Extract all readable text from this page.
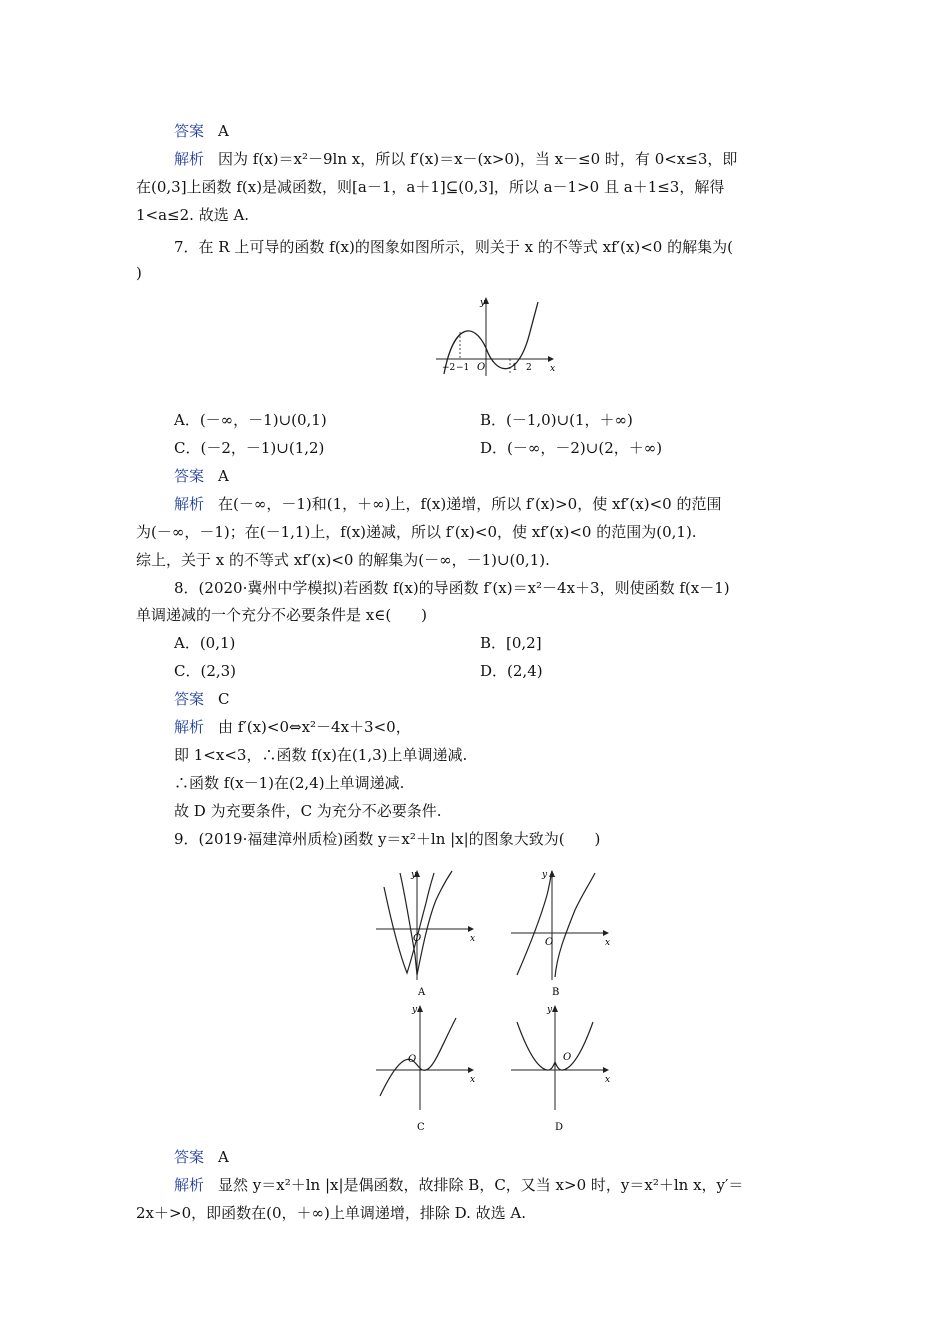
答案 A
解析 因为 f(x)＝x²－9ln x，所以 f′(x)＝x－(x>0)，当 x－≤0 时，有 0<x≤3，即
在(0,3]上函数 f(x)是减函数，则[a－1，a＋1]⊆(0,3]，所以 a－1>0 且 a＋1≤3，解得
1<a≤2. 故选 A.
7．在 R 上可导的函数 f(x)的图象如图所示，则关于 x 的不等式 xf′(x)<0 的解集为(
)
y
x
O
−2 −1	1 2
A．(－∞，－1)∪(0,1)	B．(－1,0)∪(1，＋∞)
C．(－2，－1)∪(1,2)	D．(－∞，－2)∪(2，＋∞)
答案 A
解析 在(－∞，－1)和(1，＋∞)上，f(x)递增，所以 f′(x)>0，使 xf′(x)<0 的范围
为(－∞，－1)；在(－1,1)上，f(x)递减，所以 f′(x)<0，使 xf′(x)<0 的范围为(0,1).
综上，关于 x 的不等式 xf′(x)<0 的解集为(－∞，－1)∪(0,1).
8．(2020·冀州中学模拟)若函数 f(x)的导函数 f′(x)＝x²－4x＋3，则使函数 f(x－1)
单调递减的一个充分不必要条件是 x∈(　　)
A．(0,1)	B．[0,2]
C．(2,3)	D．(2,4)
答案 C
解析 由 f′(x)<0⇔x²－4x＋3<0，
即 1<x<3，∴函数 f(x)在(1,3)上单调递减.
∴函数 f(x－1)在(2,4)上单调递减.
故 D 为充要条件，C 为充分不必要条件.
9．(2019·福建漳州质检)函数 y＝x²＋ln |x|的图象大致为(　　)
y
x
O
A
y
x
O
B
y
x
O
C
y
x
O
D
答案 A
解析 显然 y＝x²＋ln |x|是偶函数，故排除 B，C，又当 x>0 时，y＝x²＋ln x，y′＝
2x＋>0，即函数在(0，＋∞)上单调递增，排除 D. 故选 A.
